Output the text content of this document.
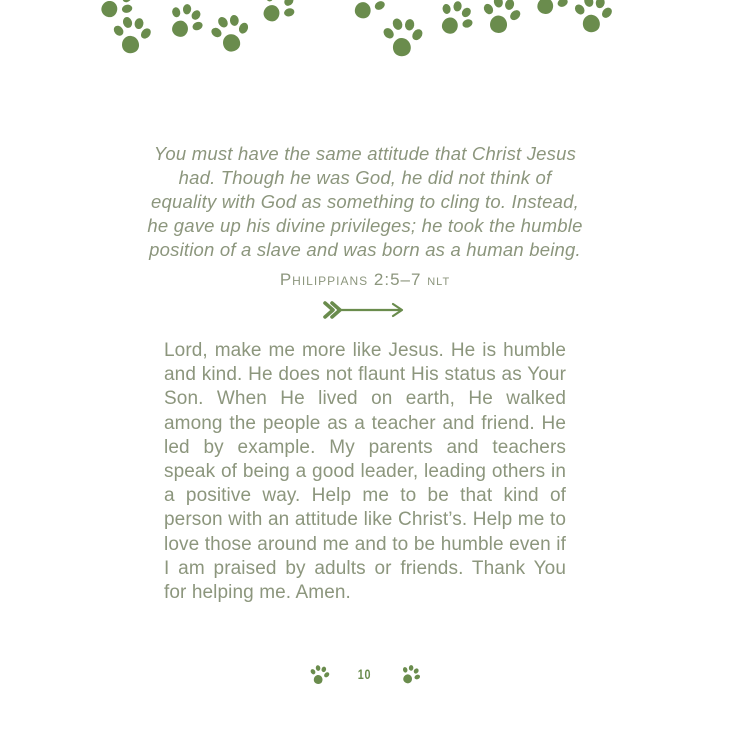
You must have the same attitude that Christ Jesus
had. Though he was God, he did not think of
equality with God as something to cling to. Instead,
he gave up his divine privileges; he took the humble
position of a slave and was born as a human being.
Philippians 2:5–7 nlt

Lord, make me more like Jesus. He is humble and kind. He does not flaunt His status as Your Son. When He lived on earth, He walked among the people as a teacher and friend. He led by example. My parents and teachers speak of being a good leader, leading others in a positive way. Help me to be that kind of person with an attitude like Christ’s. Help me to love those around me and to be humble even if I am praised by adults or friends. Thank You for helping me. Amen.

10
